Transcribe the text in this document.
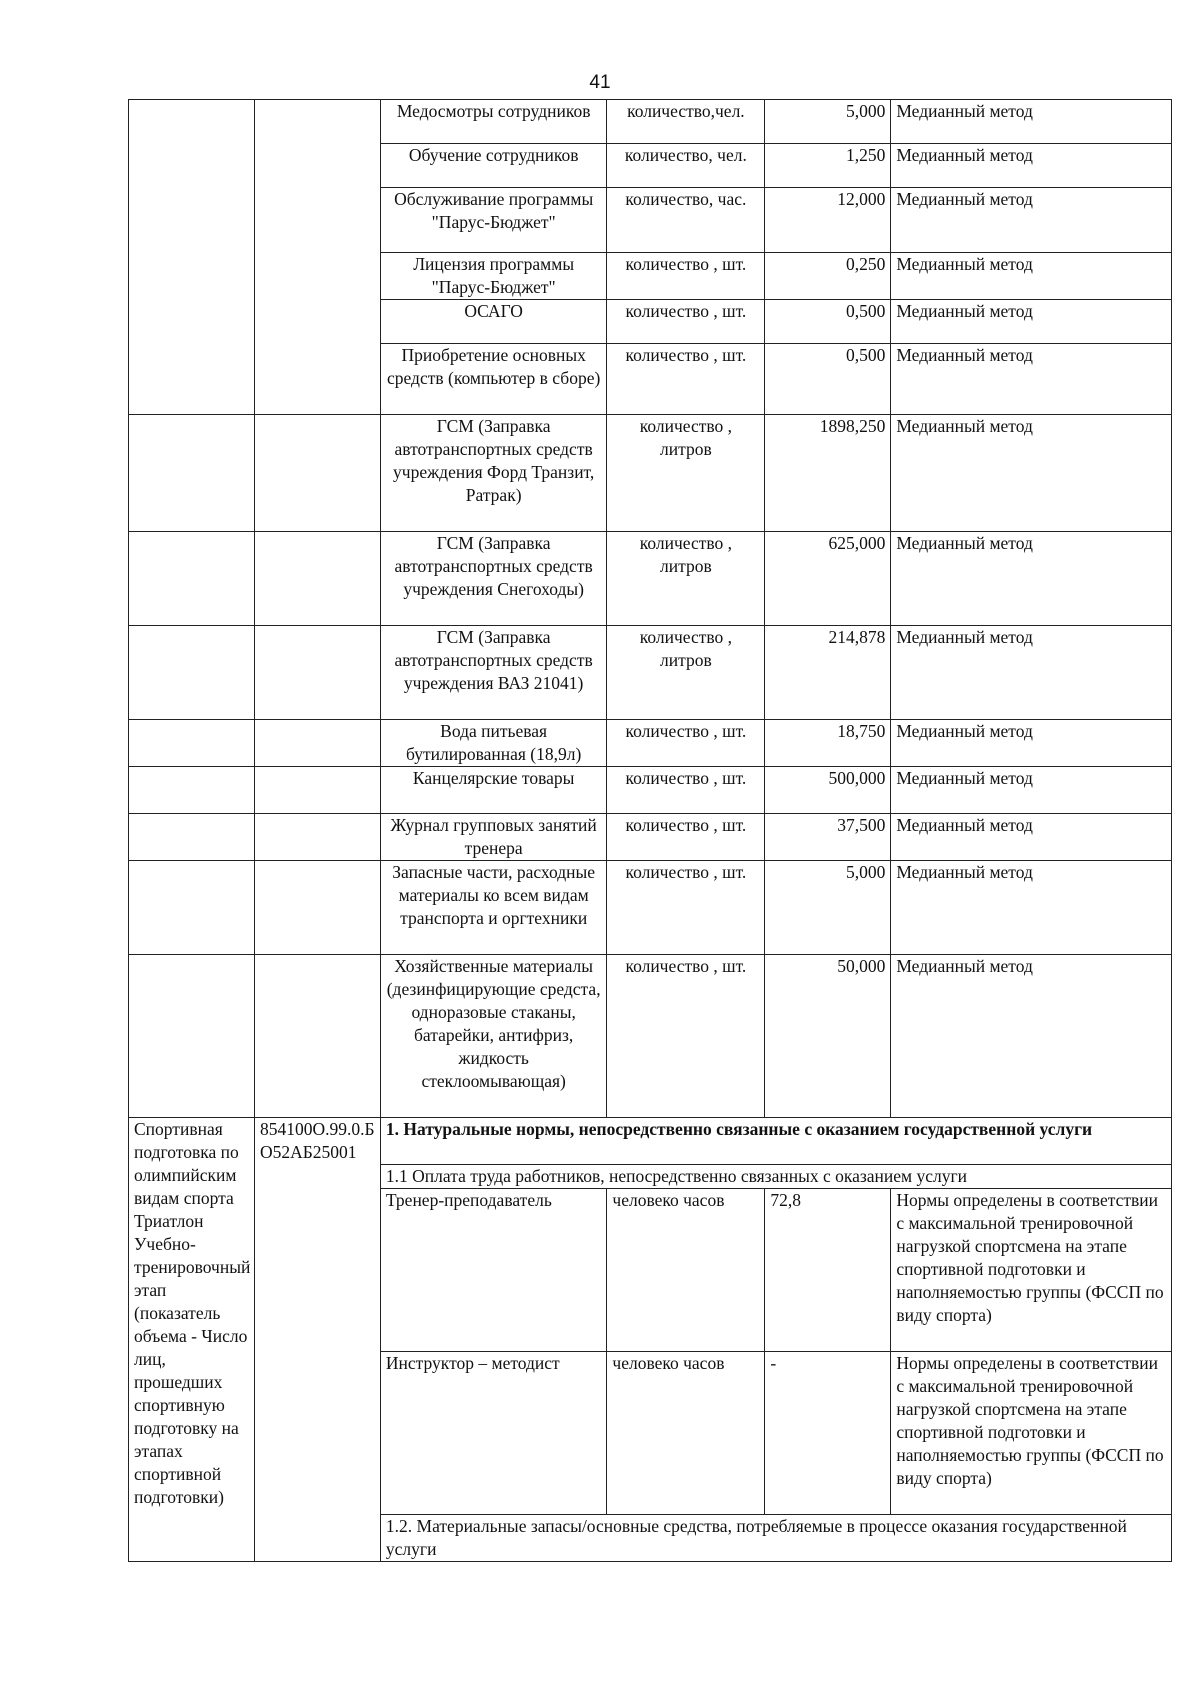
41
		Медосмотры сотрудников	количество,чел.	5,000	Медианный метод
		Обучение сотрудников	количество, чел.	1,250	Медианный метод
		Обслуживание программы "Парус-Бюджет"	количество, час.	12,000	Медианный метод
		Лицензия программы "Парус-Бюджет"	количество , шт.	0,250	Медианный метод
		ОСАГО	количество , шт.	0,500	Медианный метод
		Приобретение основных средств (компьютер в сборе)	количество , шт.	0,500	Медианный метод
		ГСМ (Заправка автотранспортных средств учреждения Форд Транзит, Ратрак)	количество , литров	1898,250	Медианный метод
		ГСМ (Заправка автотранспортных средств учреждения Снегоходы)	количество , литров	625,000	Медианный метод
		ГСМ (Заправка автотранспортных средств учреждения ВАЗ 21041)	количество , литров	214,878	Медианный метод
		Вода питьевая бутилированная (18,9л)	количество , шт.	18,750	Медианный метод
		Канцелярские товары	количество , шт.	500,000	Медианный метод
		Журнал групповых занятий тренера	количество , шт.	37,500	Медианный метод
		Запасные части, расходные материалы ко всем видам транспорта и оргтехники	количество , шт.	5,000	Медианный метод
		Хозяйственные материалы (дезинфицирующие средста, одноразовые стаканы, батарейки, антифриз, жидкость стеклоомывающая)	количество , шт.	50,000	Медианный метод
Спортивная подготовка по олимпийским видам спорта Триатлон Учебно-тренировочный этап (показатель объема - Число лиц, прошедших спортивную подготовку на этапах спортивной подготовки)	854100О.99.0.БО52АБ25001	1. Натуральные нормы, непосредственно связанные с оказанием государственной услуги			
		1.1 Оплата труда работников, непосредственно связанных с оказанием услуги			
		Тренер-преподаватель	человеко часов	72,8	Нормы определены в соответствии с максимальной тренировочной нагрузкой спортсмена на этапе спортивной подготовки и наполняемостью группы (ФССП по виду спорта)
		Инструктор – методист	человеко часов	-	Нормы определены в соответствии с максимальной тренировочной нагрузкой спортсмена на этапе спортивной подготовки и наполняемостью группы (ФССП по виду спорта)
		1.2. Материальные запасы/основные средства, потребляемые в процессе оказания государственной услуги			
